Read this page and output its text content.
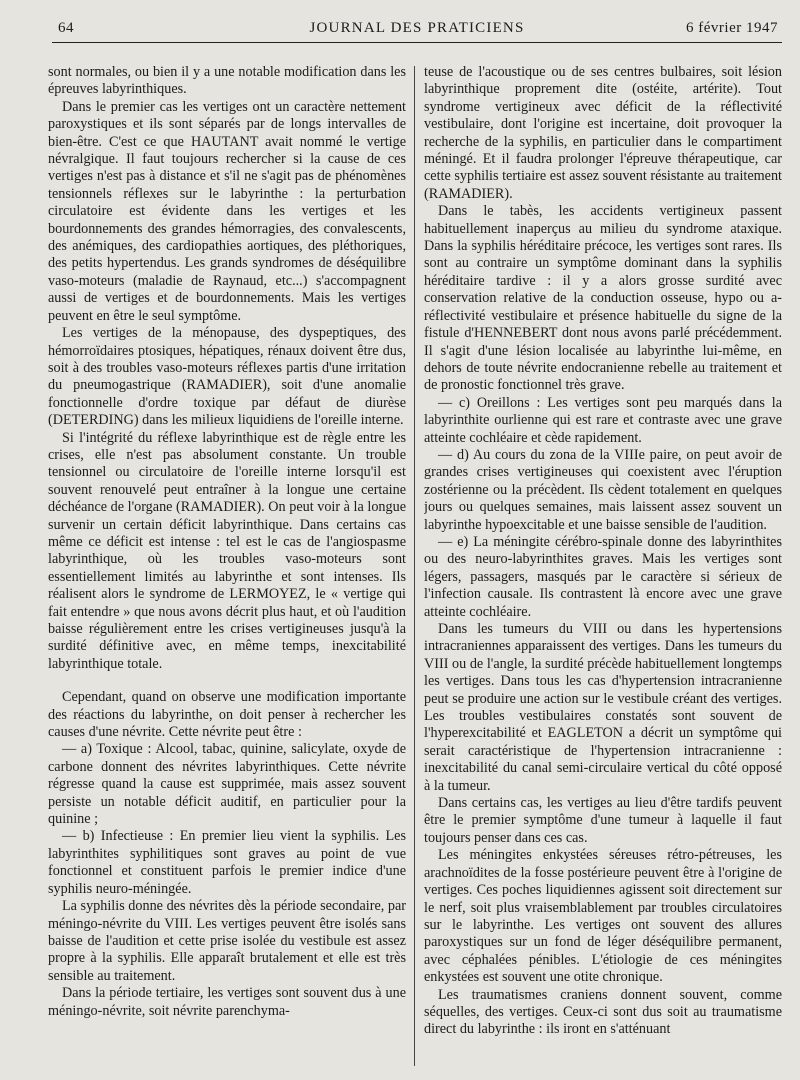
64	JOURNAL DES PRATICIENS	6 février 1947

sont normales, ou bien il y a une notable modification dans les épreuves labyrinthiques.

Dans le premier cas les vertiges ont un caractère nettement paroxystiques et ils sont séparés par de longs intervalles de bien-être. C'est ce que HAUTANT avait nommé le vertige névralgique. Il faut toujours rechercher si la cause de ces vertiges n'est pas à distance et s'il ne s'agit pas de phénomènes tensionnels réflexes sur le labyrinthe : la perturbation circulatoire est évidente dans les vertiges et les bourdonnements des grandes hémorragies, des convalescents, des anémiques, des cardiopathies aortiques, des pléthoriques, des petits hypertendus. Les grands syndromes de déséquilibre vaso-moteurs (maladie de Raynaud, etc...) s'accompagnent aussi de vertiges et de bourdonnements. Mais les vertiges peuvent en être le seul symptôme.

Les vertiges de la ménopause, des dyspeptiques, des hémorroïdaires ptosiques, hépatiques, rénaux doivent être dus, soit à des troubles vaso-moteurs réflexes partis d'une irritation du pneumogastrique (RAMADIER), soit d'une anomalie fonctionnelle d'ordre toxique par défaut de diurèse (DETERDING) dans les milieux liquidiens de l'oreille interne.

Si l'intégrité du réflexe labyrinthique est de règle entre les crises, elle n'est pas absolument constante. Un trouble tensionnel ou circulatoire de l'oreille interne lorsqu'il est souvent renouvelé peut entraîner à la longue une certaine déchéance de l'organe (RAMADIER). On peut voir à la longue survenir un certain déficit labyrinthique. Dans certains cas même ce déficit est intense : tel est le cas de l'angiospasme labyrinthique, où les troubles vaso-moteurs sont essentiellement limités au labyrinthe et sont intenses. Ils réalisent alors le syndrome de LERMOYEZ, le « vertige qui fait entendre » que nous avons décrit plus haut, et où l'audition baisse régulièrement entre les crises vertigineuses jusqu'à la surdité définitive avec, en même temps, inexcitabilité labyrinthique totale.

Cependant, quand on observe une modification importante des réactions du labyrinthe, on doit penser à rechercher les causes d'une névrite. Cette névrite peut être :

— a) Toxique : Alcool, tabac, quinine, salicylate, oxyde de carbone donnent des névrites labyrinthiques. Cette névrite régresse quand la cause est supprimée, mais assez souvent persiste un notable déficit auditif, en particulier pour la quinine ;

— b) Infectieuse : En premier lieu vient la syphilis. Les labyrinthites syphilitiques sont graves au point de vue fonctionnel et constituent parfois le premier indice d'une syphilis neuro-méningée.

La syphilis donne des névrites dès la période secondaire, par méningo-névrite du VIII. Les vertiges peuvent être isolés sans baisse de l'audition et cette prise isolée du vestibule est assez propre à la syphilis. Elle apparaît brutalement et elle est très sensible au traitement.

Dans la période tertiaire, les vertiges sont souvent dus à une méningo-névrite, soit névrite parenchyma-

teuse de l'acoustique ou de ses centres bulbaires, soit lésion labyrinthique proprement dite (ostéite, artérite). Tout syndrome vertigineux avec déficit de la réflectivité vestibulaire, dont l'origine est incertaine, doit provoquer la recherche de la syphilis, en particulier dans le compartiment méningé. Et il faudra prolonger l'épreuve thérapeutique, car cette syphilis tertiaire est assez souvent résistante au traitement (RAMADIER).

Dans le tabès, les accidents vertigineux passent habituellement inaperçus au milieu du syndrome ataxique. Dans la syphilis héréditaire précoce, les vertiges sont rares. Ils sont au contraire un symptôme dominant dans la syphilis héréditaire tardive : il y a alors grosse surdité avec conservation relative de la conduction osseuse, hypo ou a-réflectivité vestibulaire et présence habituelle du signe de la fistule d'HENNEBERT dont nous avons parlé précédemment. Il s'agit d'une lésion localisée au labyrinthe lui-même, en dehors de toute névrite endocranienne rebelle au traitement et de pronostic fonctionnel très grave.

— c) Oreillons : Les vertiges sont peu marqués dans la labyrinthite ourlienne qui est rare et contraste avec une grave atteinte cochléaire et cède rapidement.

— d) Au cours du zona de la VIIIe paire, on peut avoir de grandes crises vertigineuses qui coexistent avec l'éruption zostérienne ou la précèdent. Ils cèdent totalement en quelques jours ou quelques semaines, mais laissent assez souvent un labyrinthe hypoexcitable et une baisse sensible de l'audition.

— e) La méningite cérébro-spinale donne des labyrinthites ou des neuro-labyrinthites graves. Mais les vertiges sont légers, passagers, masqués par le caractère si sérieux de l'infection causale. Ils contrastent là encore avec une grave atteinte cochléaire.

Dans les tumeurs du VIII ou dans les hypertensions intracraniennes apparaissent des vertiges. Dans les tumeurs du VIII ou de l'angle, la surdité précède habituellement longtemps les vertiges. Dans tous les cas d'hypertension intracranienne peut se produire une action sur le vestibule créant des vertiges. Les troubles vestibulaires constatés sont souvent de l'hyperexcitabilité et EAGLETON a décrit un symptôme qui serait caractéristique de l'hypertension intracranienne : inexcitabilité du canal semi-circulaire vertical du côté opposé à la tumeur.

Dans certains cas, les vertiges au lieu d'être tardifs peuvent être le premier symptôme d'une tumeur à laquelle il faut toujours penser dans ces cas.

Les méningites enkystées séreuses rétro-pétreuses, les arachnoïdites de la fosse postérieure peuvent être à l'origine de vertiges. Ces poches liquidiennes agissent soit directement sur le nerf, soit plus vraisemblablement par troubles circulatoires sur le labyrinthe. Les vertiges ont souvent des allures paroxystiques sur un fond de léger déséquilibre permanent, avec céphalées pénibles. L'étiologie de ces méningites enkystées est souvent une otite chronique.

Les traumatismes craniens donnent souvent, comme séquelles, des vertiges. Ceux-ci sont dus soit au traumatisme direct du labyrinthe : ils iront en s'atténuant
